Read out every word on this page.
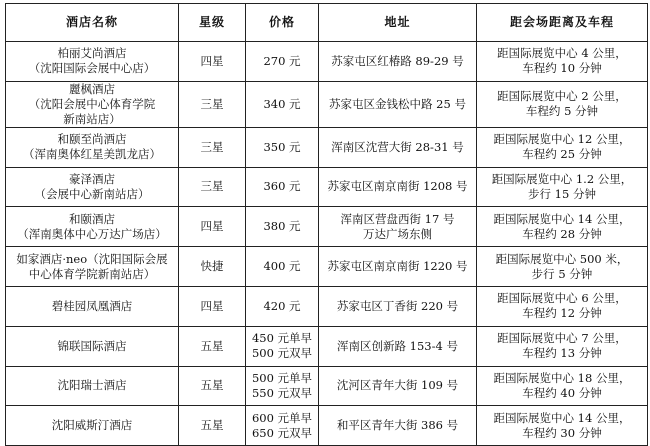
酒店名称	星级	价格	地址	距会场距离及车程

柏丽艾尚酒店
（沈阳国际会展中心店）	四星	270 元	苏家屯区红椿路 89-29 号	距国际展览中心 4 公里，
车程约 10 分钟

麗枫酒店
（沈阳会展中心体育学院
新南站店）	三星	340 元	苏家屯区金钱松中路 25 号	距国际展览中心 2 公里，
车程约 5 分钟

和颐至尚酒店
（浑南奥体红星美凯龙店）	三星	350 元	浑南区沈营大街 28-31 号	距国际展览中心 12 公里，
车程约 25 分钟

豪泽酒店
（会展中心新南站店）	三星	360 元	苏家屯区南京南街 1208 号	距国际展览中心 1.2 公里，
步行 15 分钟

和颐酒店
（浑南奥体中心万达广场店）	四星	380 元	浑南区营盘西街 17 号
万达广场东侧	距国际展览中心 14 公里，
车程约 28 分钟

如家酒店·neo（沈阳国际会展
中心体育学院新南站店）	快捷	400 元	苏家屯区南京南街 1220 号	距国际展览中心 500 米，
步行 5 分钟

碧桂园凤凰酒店	四星	420 元	苏家屯区丁香街 220 号	距国际展览中心 6 公里，
车程约 12 分钟

锦联国际酒店	五星	450 元单早
500 元双早	浑南区创新路 153-4 号	距国际展览中心 7 公里，
车程约 13 分钟

沈阳瑞士酒店	五星	500 元单早
550 元双早	沈河区青年大街 109 号	距国际展览中心 18 公里，
车程约 40 分钟

沈阳威斯汀酒店	五星	600 元单早
650 元双早	和平区青年大街 386 号	距国际展览中心 14 公里，
车程约 30 分钟
